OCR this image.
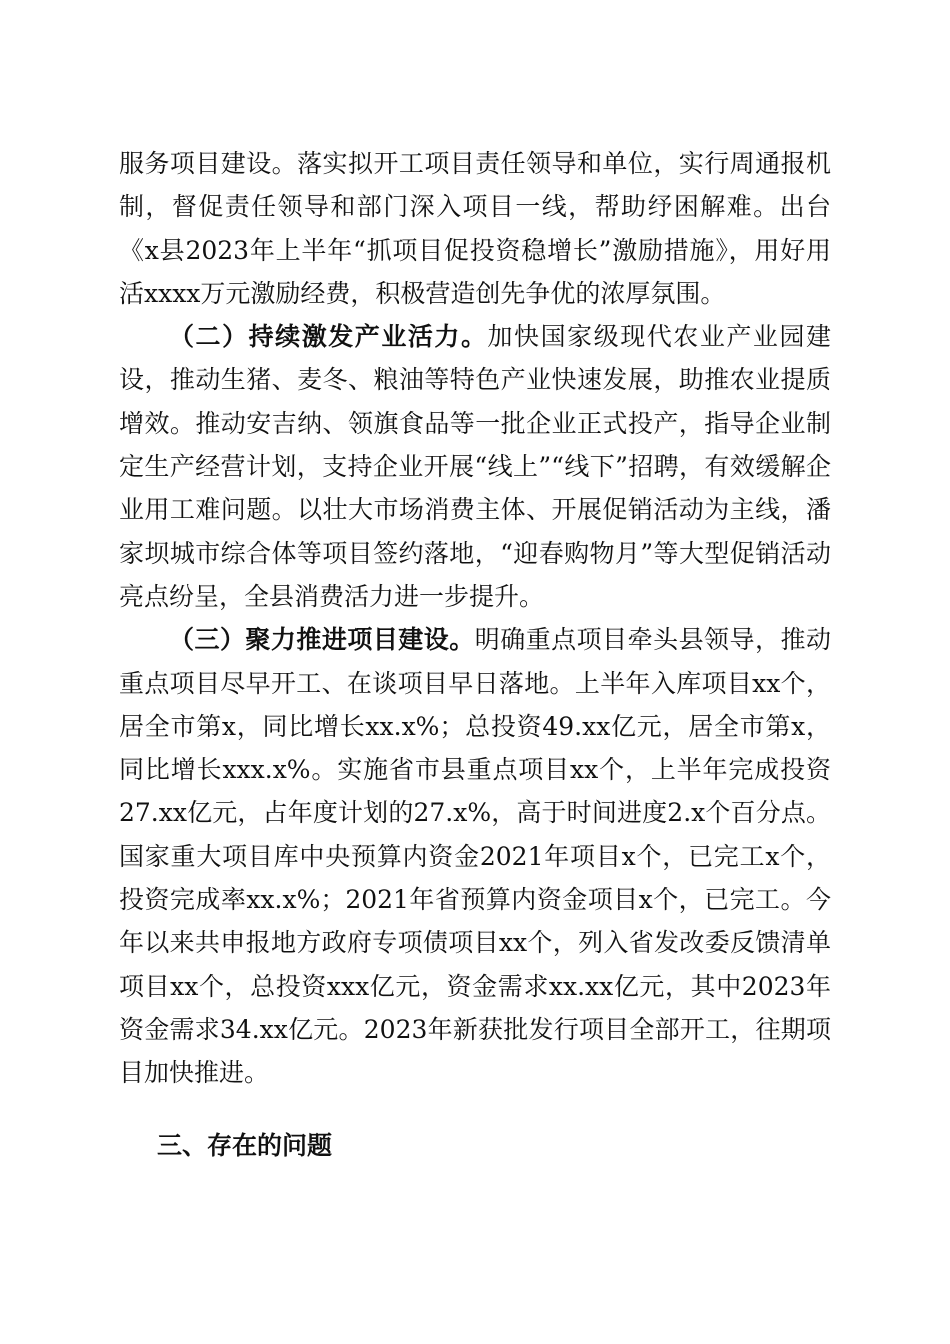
服务项目建设。落实拟开工项目责任领导和单位，实行周通报机制，督促责任领导和部门深入项目一线，帮助纾困解难。出台《x县2023年上半年“抓项目促投资稳增长”激励措施》，用好用活xxxx万元激励经费，积极营造创先争优的浓厚氛围。

（二）持续激发产业活力。加快国家级现代农业产业园建设，推动生猪、麦冬、粮油等特色产业快速发展，助推农业提质增效。推动安吉纳、领旗食品等一批企业正式投产，指导企业制定生产经营计划，支持企业开展“线上”“线下”招聘，有效缓解企业用工难问题。以壮大市场消费主体、开展促销活动为主线，潘家坝城市综合体等项目签约落地，“迎春购物月”等大型促销活动亮点纷呈，全县消费活力进一步提升。

（三）聚力推进项目建设。明确重点项目牵头县领导，推动重点项目尽早开工、在谈项目早日落地。上半年入库项目xx个，居全市第x，同比增长xx.x%；总投资49.xx亿元，居全市第x，同比增长xxx.x%。实施省市县重点项目xx个，上半年完成投资27.xx亿元，占年度计划的27.x%，高于时间进度2.x个百分点。国家重大项目库中央预算内资金2021年项目x个，已完工x个，投资完成率xx.x%；2021年省预算内资金项目x个，已完工。今年以来共申报地方政府专项债项目xx个，列入省发改委反馈清单项目xx个，总投资xxx亿元，资金需求xx.xx亿元，其中2023年资金需求34.xx亿元。2023年新获批发行项目全部开工，往期项目加快推进。

三、存在的问题
